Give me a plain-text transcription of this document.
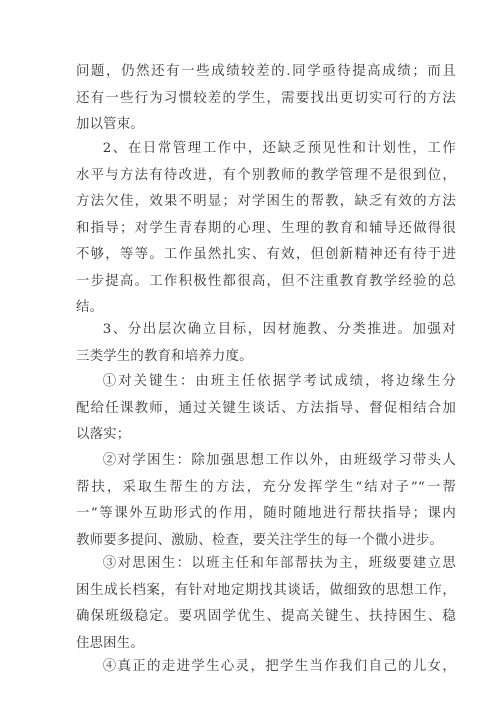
问题，仍然还有一些成绩较差的.同学亟待提高成绩；而且
还有一些行为习惯较差的学生，需要找出更切实可行的方法
加以管束。
2、在日常管理工作中，还缺乏预见性和计划性，工作
水平与方法有待改进，有个别教师的教学管理不是很到位，
方法欠佳，效果不明显；对学困生的帮教，缺乏有效的方法
和指导；对学生青春期的心理、生理的教育和辅导还做得很
不够，等等。工作虽然扎实、有效，但创新精神还有待于进
一步提高。工作积极性都很高，但不注重教育教学经验的总
结。
3、分出层次确立目标，因材施教、分类推进。加强对
三类学生的教育和培养力度。
①对关键生：由班主任依据学考试成绩，将边缘生分
配给任课教师，通过关键生谈话、方法指导、督促相结合加
以落实；
②对学困生：除加强思想工作以外，由班级学习带头人
帮扶，采取生帮生的方法，充分发挥学生“结对子”“一帮
一”等课外互助形式的作用，随时随地进行帮扶指导；课内
教师要多提问、激励、检查，要关注学生的每一个微小进步。
③对思困生：以班主任和年部帮扶为主，班级要建立思
困生成长档案，有针对地定期找其谈话，做细致的思想工作，
确保班级稳定。要巩固学优生、提高关键生、扶持困生、稳
住思困生。
④真正的走进学生心灵，把学生当作我们自己的儿女，
